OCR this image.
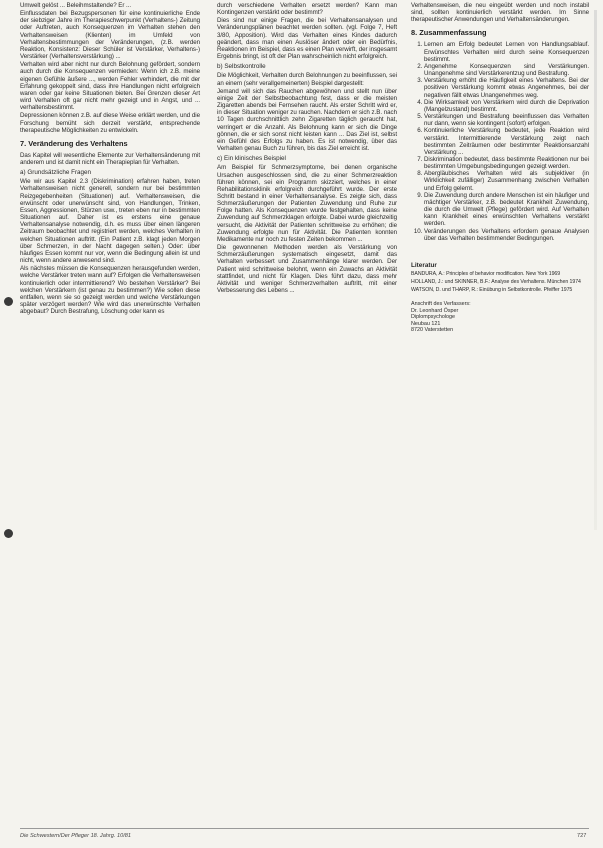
Umwelt gelöst ... Beleihmstaltende? Er ...

Einflussdaten bei Bezugspersonen für eine kontinuierliche Ende der siebziger Jahre im Therapieschwerpunkt (Verhaltens-) Zeitung oder Auftreten, auch Konsequenzen im Verhalten stehen den Verhaltensweisen (Klienten) im Umfeld von Verhaltensbestimmungen der Veränderungen, (z.B. werden Reaktion, Konsistenz: Dieser Schüler ist Verstärker, Verhaltens-) Verstärker (Verhaltensverstärkung) ...

Verhalten wird aber nicht nur durch Belohnung gefördert, sondern auch durch die Konsequenzen vermieden: Wenn ich z.B. meine eigenen Gefühle äußere ..., werden Fehler verhindert, die mit der Erfahrung gekoppelt sind, dass ihre Handlungen nicht erfolgreich waren oder gar keine Situationen bieten. Bei Grenzen dieser Art wird Verhalten oft gar nicht mehr gezeigt und in Angst, und ... verhaltensbestimmt.

Depressionen können z.B. auf diese Weise erklärt werden, und die Forschung bemüht sich derzeit verstärkt, entsprechende therapeutische Möglichkeiten zu entwickeln.

7. Veränderung des Verhaltens

Das Kapitel will wesentliche Elemente zur Verhaltensänderung mit anderem und ist damit nicht ein Therapieplan für Verhalten.

a) Grundsätzliche Fragen

Wie wir aus Kapitel 2.3 (Diskrimination) erfahren haben, treten Verhaltensweisen nicht generell, sondern nur bei bestimmten Reizgegebenheiten (Situationen) auf. Verhaltensweisen, die erwünscht oder unerwünscht sind, von Handlungen, Trinken, Essen, Aggressionen, Stürzen usw., treten eben nur in bestimmten Situationen auf. Daher ist es erstens eine genaue Verhaltensanalyse notwendig, d.h. es muss über einen längeren Zeitraum beobachtet und registriert werden, welches Verhalten in welchen Situationen auftritt. (Ein Patient z.B. klagt jeden Morgen über Schmerzen, in der Nacht dagegen selten.) Oder: über häufiges Essen kommt nur vor, wenn die Bedingung allein ist und nicht, wenn andere anwesend sind.

Als nächstes müssen die Konsequenzen herausgefunden werden, welche Verstärker treten wann auf? Erfolgen die Verhaltensweisen kontinuierlich oder intermittierend? Wo bestehen Verstärker? Bei welchen Verstärkern (ist genau zu bestimmen?) Wie sollen diese entfallen, wenn sie so gezeigt werden und welche Verstärkungen später verzögert werden? Wie wird das unerwünschte Verhalten abgebaut? Durch Bestrafung, Löschung oder kann es

durch verschiedene Verhalten ersetzt werden? Kann man Kontingenzen verstärkt oder bestimmt?

Dies sind nur einige Fragen, die bei Verhaltensanalysen und Veränderungsplänen beachtet werden sollten. (vgl. Folge 7, Heft 3/80, Apposition). Wird das Verhalten eines Kindes dadurch geändert, dass man einen Auslöser ändert oder ein Bedürfnis, Reaktionen im Beispiel, dass es einen Plan verwirft, der insgesamt Ergebnis bringt, ist oft der Plan wahrscheinlich nicht erfolgreich.

b) Selbstkontrolle

Die Möglichkeit, Verhalten durch Belohnungen zu beeinflussen, sei an einem (sehr verallgemeinerten) Beispiel dargestellt:

Jemand will sich das Rauchen abgewöhnen und stellt nun über einige Zeit der Selbstbeobachtung fest, dass er die meisten Zigaretten abends bei Fernsehen raucht. Als erster Schritt wird er, in dieser Situation weniger zu rauchen. Nachdem er sich z.B. nach 10 Tagen durchschnittlich zehn Zigaretten täglich geraucht hat, verringert er die Anzahl. Als Belohnung kann er sich die Dinge gönnen, die er sich sonst nicht leisten kann ... Das Ziel ist, selbst ein Gefühl des Erfolgs zu haben. Es ist notwendig, über das Verhalten genau Buch zu führen, bis das Ziel erreicht ist.

c) Ein klinisches Beispiel

Am Beispiel für Schmerzsymptome, bei denen organische Ursachen ausgeschlossen sind, die zu einer Schmerzreaktion führen können, sei ein Programm skizziert, welches in einer Rehabilitationsklinik erfolgreich durchgeführt wurde. Der erste Schritt bestand in einer Verhaltensanalyse. Es zeigte sich, dass Schmerzäußerungen der Patienten Zuwendung und Ruhe zur Folge hatten. Als Konsequenzen wurde festgehalten, dass keine Zuwendung auf Schmerzklagen erfolgte. Dabei wurde gleichzeitig versucht, die Aktivität der Patienten schrittweise zu erhöhen; die Zuwendung erfolgte nun für Aktivität. Die Patienten konnten Medikamente nur noch zu festen Zeiten bekommen ...

Die gewonnenen Methoden werden als Verstärkung von Schmerzäußerungen systematisch eingesetzt, damit das Verhalten verbessert und Zusammenhänge klarer werden. Der Patient wird schrittweise belohnt, wenn ein Zuwachs an Aktivität stattfindet, und nicht für Klagen. Dies führt dazu, dass mehr Aktivität und weniger Schmerzverhalten auftritt, mit einer Verbesserung des Lebens ...

Verhaltensweisen, die neu eingeübt werden und noch instabil sind, sollten kontinuierlich verstärkt werden. Im Sinne therapeutischer Anwendungen und Verhaltensänderungen.

8. Zusammenfassung
1. Lernen am Erfolg bedeutet Lernen von Handlungsablauf. Erwünschtes Verhalten wird durch seine Konsequenzen bestimmt.
2. Angenehme Konsequenzen sind Verstärkungen. Unangenehme sind Verstärkerentzug und Bestrafung.
3. Verstärkung erhöht die Häufigkeit eines Verhaltens. Bei der positiven Verstärkung kommt etwas Angenehmes, bei der negativen fällt etwas Unangenehmes weg.
4. Die Wirksamkeit von Verstärkern wird durch die Deprivation (Mangelzustand) bestimmt.
5. Verstärkungen und Bestrafung beeinflussen das Verhalten nur dann, wenn sie kontingent (sofort) erfolgen.
6. Kontinuierliche Verstärkung bedeutet, jede Reaktion wird verstärkt. Intermittierende Verstärkung zeigt nach bestimmten Zeiträumen oder bestimmter Reaktionsanzahl Verstärkung ...
7. Diskrimination bedeutet, dass bestimmte Reaktionen nur bei bestimmten Umgebungsbedingungen gezeigt werden.
8. Abergläubisches Verhalten wird als subjektiver (in Wirklichkeit zufälliger) Zusammenhang zwischen Verhalten und Erfolg gelernt.
9. Die Zuwendung durch andere Menschen ist ein häufiger und mächtiger Verstärker, z.B. bedeutet Krankheit Zuwendung, die durch die Umwelt (Pflege) gefördert wird. Auf Verhalten kann Krankheit eines erwünschten Verhaltens verstärkt werden.
10. Veränderungen des Verhaltens erfordern genaue Analysen über das Verhalten bestimmender Bedingungen.
Literatur

BANDURA, A.: Principles of behavior modification. New York 1969

HOLLAND, J.: und SKINNER, B.F.: Analyse des Verhaltens. München 1974

WATSON, D. und THARP, R.: Einübung in Selbstkontrolle. Pfeiffer 1975

Anschrift des Verfassers:
Dr. Leonhard Ösper
Diplompsychologe
Neubau 121
8720 Vaterstetten
Die Schwestern/Der Pfleger 18. Jahrg. 10/81	727
